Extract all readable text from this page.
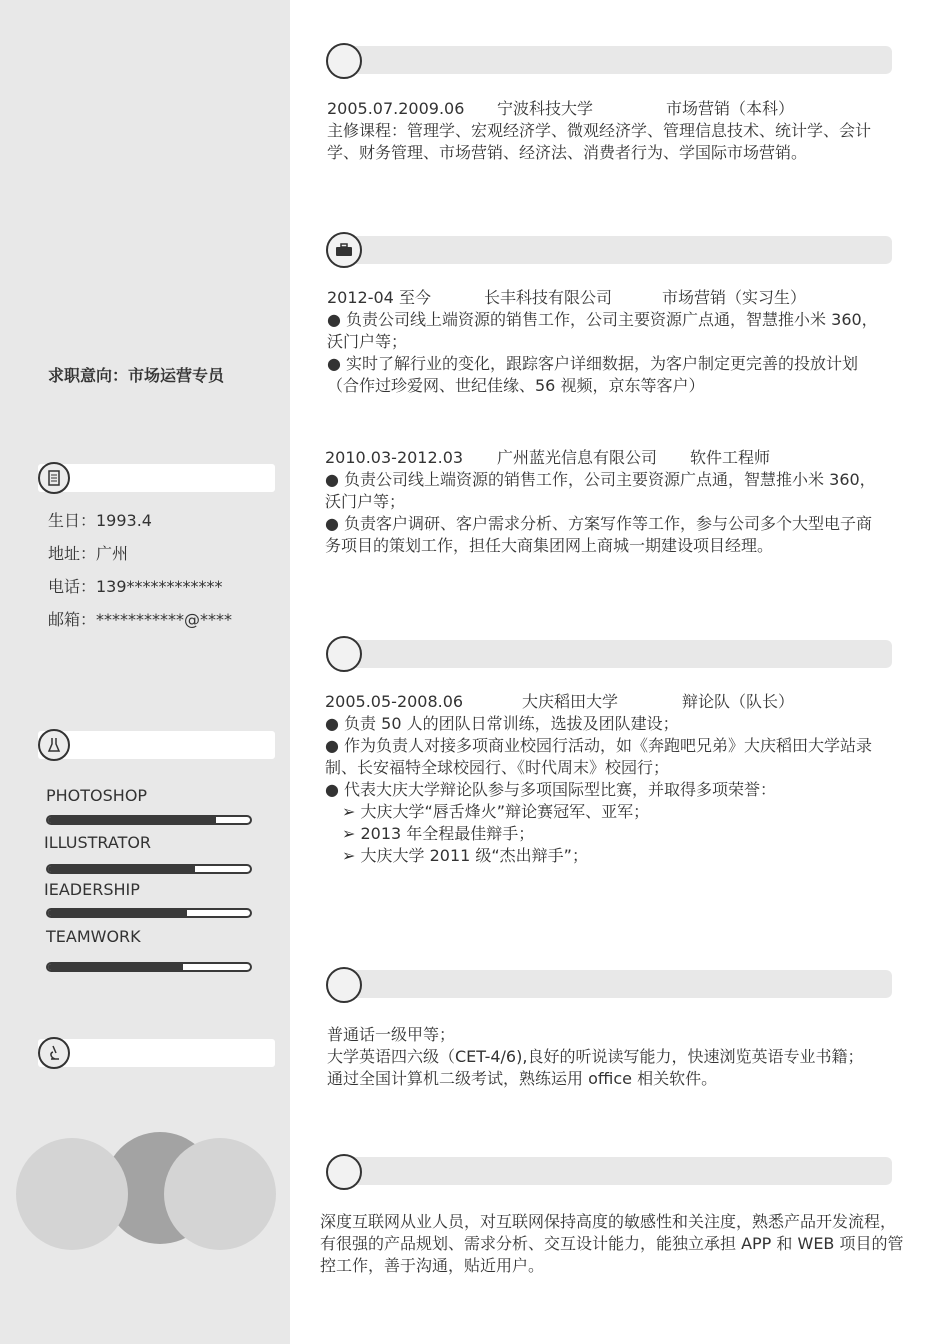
求职意向：市场运营专员
生日：1993.4
地址：广州
电话：139************
邮箱：***********@****
PHOTOSHOP
ILLUSTRATOR
IEADERSHIP
TEAMWORK
2005.07.2009.06 宁波科技大学	市场营销（本科）
主修课程：管理学、宏观经济学、微观经济学、管理信息技术、统计学、会计
学、财务管理、市场营销、经济法、消费者行为、学国际市场营销。
2012-04 至今	长丰科技有限公司	市场营销（实习生）
● 负责公司线上端资源的销售工作，公司主要资源广点通，智慧推小米 360，
沃门户等；
● 实时了解行业的变化，跟踪客户详细数据，为客户制定更完善的投放计划
（合作过珍爱网、世纪佳缘、56 视频，京东等客户）
2010.03-2012.03 广州蓝光信息有限公司 软件工程师
● 负责公司线上端资源的销售工作，公司主要资源广点通，智慧推小米 360，
沃门户等；
● 负责客户调研、客户需求分析、方案写作等工作，参与公司多个大型电子商
务项目的策划工作，担任大商集团网上商城一期建设项目经理。
2005.05-2008.06	大庆稻田大学	辩论队（队长）
● 负责 50 人的团队日常训练，选拔及团队建设；
● 作为负责人对接多项商业校园行活动，如《奔跑吧兄弟》大庆稻田大学站录
制、长安福特全球校园行、《时代周末》校园行；
● 代表大庆大学辩论队参与多项国际型比赛，并取得多项荣誉：
➢ 大庆大学“唇舌烽火”辩论赛冠军、亚军；
➢ 2013 年全程最佳辩手；
➢ 大庆大学 2011 级“杰出辩手”；
普通话一级甲等；
大学英语四六级（CET-4/6),良好的听说读写能力，快速浏览英语专业书籍；
通过全国计算机二级考试，熟练运用 office 相关软件。
深度互联网从业人员，对互联网保持高度的敏感性和关注度，熟悉产品开发流程，有很强的产品规划、需求分析、交互设计能力，能独立承担 APP 和 WEB 项目的管控工作，善于沟通，贴近用户。
